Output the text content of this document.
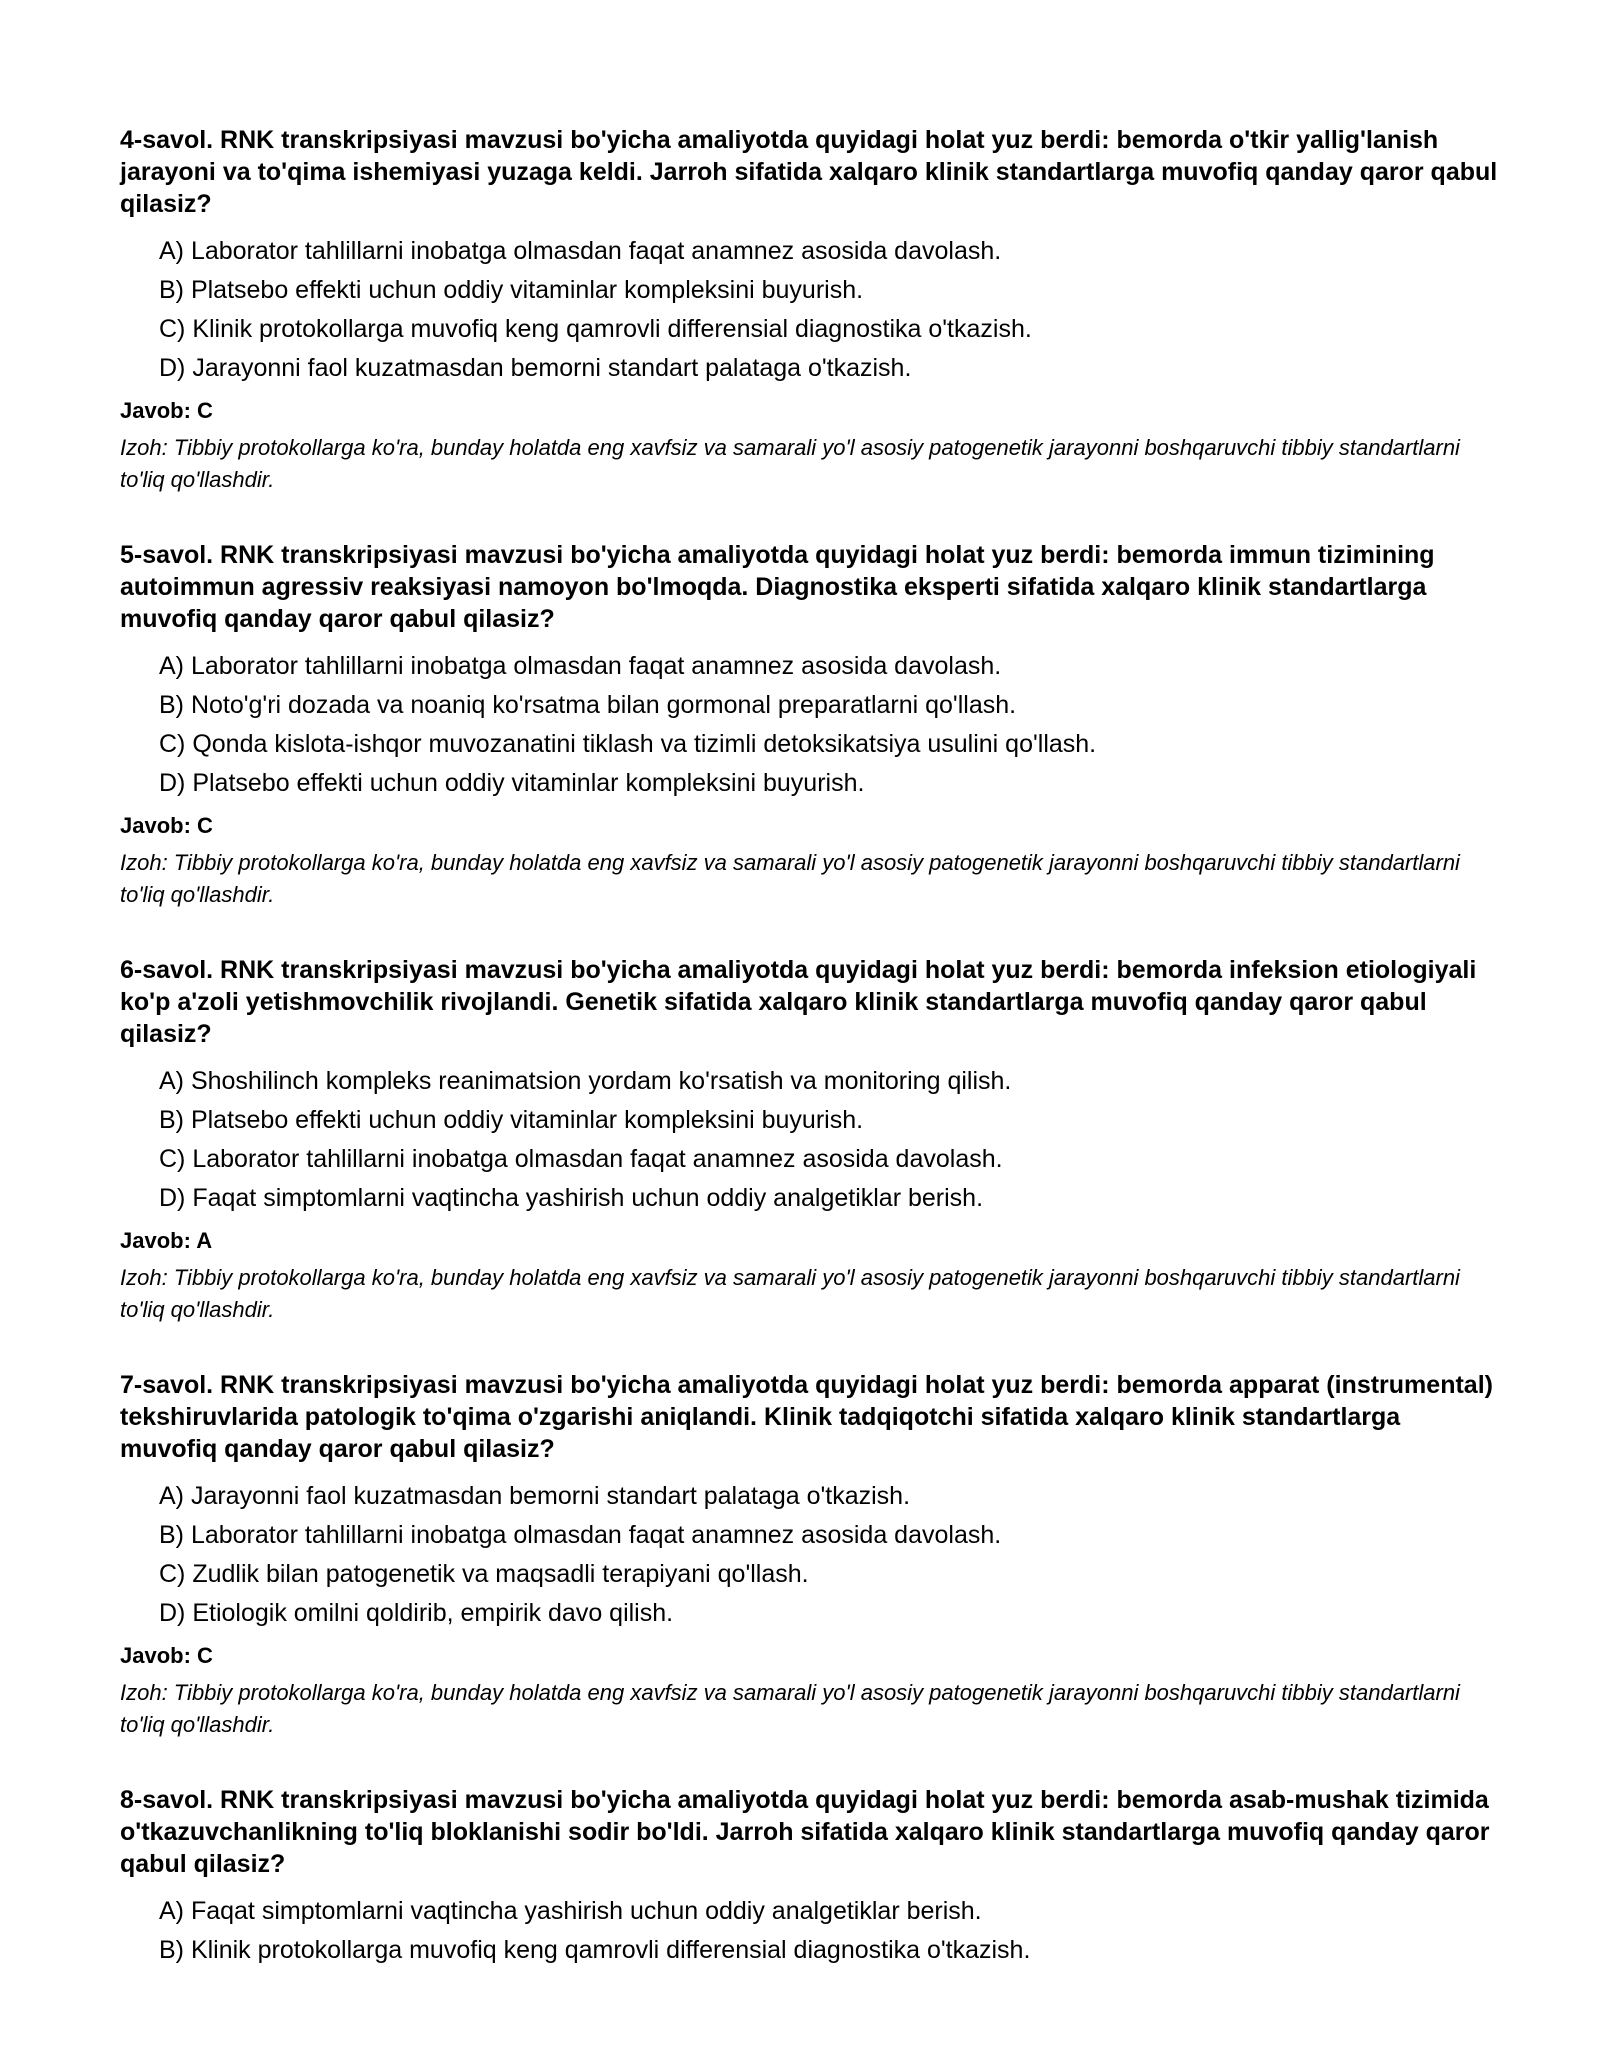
4-savol. RNK transkripsiyasi mavzusi bo'yicha amaliyotda quyidagi holat yuz berdi: bemorda o'tkir yallig'lanish jarayoni va to'qima ishemiyasi yuzaga keldi. Jarroh sifatida xalqaro klinik standartlarga muvofiq qanday qaror qabul qilasiz?

A) Laborator tahlillarni inobatga olmasdan faqat anamnez asosida davolash.
B) Platsebo effekti uchun oddiy vitaminlar kompleksini buyurish.
C) Klinik protokollarga muvofiq keng qamrovli differensial diagnostika o'tkazish.
D) Jarayonni faol kuzatmasdan bemorni standart palataga o'tkazish.

Javob: C

Izoh: Tibbiy protokollarga ko'ra, bunday holatda eng xavfsiz va samarali yo'l asosiy patogenetik jarayonni boshqaruvchi tibbiy standartlarni to'liq qo'llashdir.

5-savol. RNK transkripsiyasi mavzusi bo'yicha amaliyotda quyidagi holat yuz berdi: bemorda immun tizimining autoimmun agressiv reaksiyasi namoyon bo'lmoqda. Diagnostika eksperti sifatida xalqaro klinik standartlarga muvofiq qanday qaror qabul qilasiz?

A) Laborator tahlillarni inobatga olmasdan faqat anamnez asosida davolash.
B) Noto'g'ri dozada va noaniq ko'rsatma bilan gormonal preparatlarni qo'llash.
C) Qonda kislota-ishqor muvozanatini tiklash va tizimli detoksikatsiya usulini qo'llash.
D) Platsebo effekti uchun oddiy vitaminlar kompleksini buyurish.

Javob: C

Izoh: Tibbiy protokollarga ko'ra, bunday holatda eng xavfsiz va samarali yo'l asosiy patogenetik jarayonni boshqaruvchi tibbiy standartlarni to'liq qo'llashdir.

6-savol. RNK transkripsiyasi mavzusi bo'yicha amaliyotda quyidagi holat yuz berdi: bemorda infeksion etiologiyali ko'p a'zoli yetishmovchilik rivojlandi. Genetik sifatida xalqaro klinik standartlarga muvofiq qanday qaror qabul qilasiz?

A) Shoshilinch kompleks reanimatsion yordam ko'rsatish va monitoring qilish.
B) Platsebo effekti uchun oddiy vitaminlar kompleksini buyurish.
C) Laborator tahlillarni inobatga olmasdan faqat anamnez asosida davolash.
D) Faqat simptomlarni vaqtincha yashirish uchun oddiy analgetiklar berish.

Javob: A

Izoh: Tibbiy protokollarga ko'ra, bunday holatda eng xavfsiz va samarali yo'l asosiy patogenetik jarayonni boshqaruvchi tibbiy standartlarni to'liq qo'llashdir.

7-savol. RNK transkripsiyasi mavzusi bo'yicha amaliyotda quyidagi holat yuz berdi: bemorda apparat (instrumental) tekshiruvlarida patologik to'qima o'zgarishi aniqlandi. Klinik tadqiqotchi sifatida xalqaro klinik standartlarga muvofiq qanday qaror qabul qilasiz?

A) Jarayonni faol kuzatmasdan bemorni standart palataga o'tkazish.
B) Laborator tahlillarni inobatga olmasdan faqat anamnez asosida davolash.
C) Zudlik bilan patogenetik va maqsadli terapiyani qo'llash.
D) Etiologik omilni qoldirib, empirik davo qilish.

Javob: C

Izoh: Tibbiy protokollarga ko'ra, bunday holatda eng xavfsiz va samarali yo'l asosiy patogenetik jarayonni boshqaruvchi tibbiy standartlarni to'liq qo'llashdir.

8-savol. RNK transkripsiyasi mavzusi bo'yicha amaliyotda quyidagi holat yuz berdi: bemorda asab-mushak tizimida o'tkazuvchanlikning to'liq bloklanishi sodir bo'ldi. Jarroh sifatida xalqaro klinik standartlarga muvofiq qanday qaror qabul qilasiz?

A) Faqat simptomlarni vaqtincha yashirish uchun oddiy analgetiklar berish.
B) Klinik protokollarga muvofiq keng qamrovli differensial diagnostika o'tkazish.
